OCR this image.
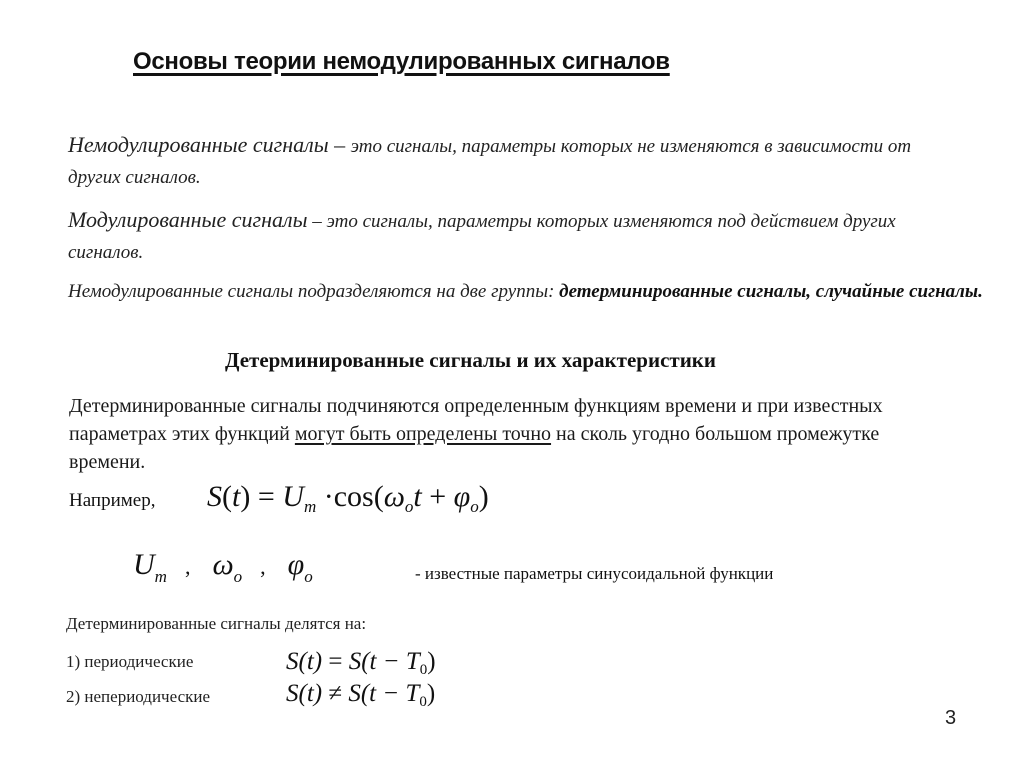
Основы теории немодулированных сигналов
Немодулированные сигналы – это сигналы, параметры которых не изменяются в зависимости от других сигналов.
Модулированные сигналы – это сигналы, параметры которых изменяются под действием других сигналов.
Немодулированные сигналы подразделяются на две группы: детерминированные сигналы, случайные сигналы.
Детерминированные сигналы и их характеристики
Детерминированные сигналы подчиняются определенным функциям времени и при известных параметрах этих функций могут быть определены точно на сколь угодно большом промежутке времени.
Например, $S(t) = U_m \cdot\cos(\omega_ot + \varphi_o)$
$U_m$ , $\omega_o$ , $\varphi_o$	- известные параметры синусоидальной функции
Детерминированные сигналы делятся на:
1) периодические	$S(t) = S(t - T_0)$
2) непериодические	$S(t) \ne S(t - T_0)$
3
